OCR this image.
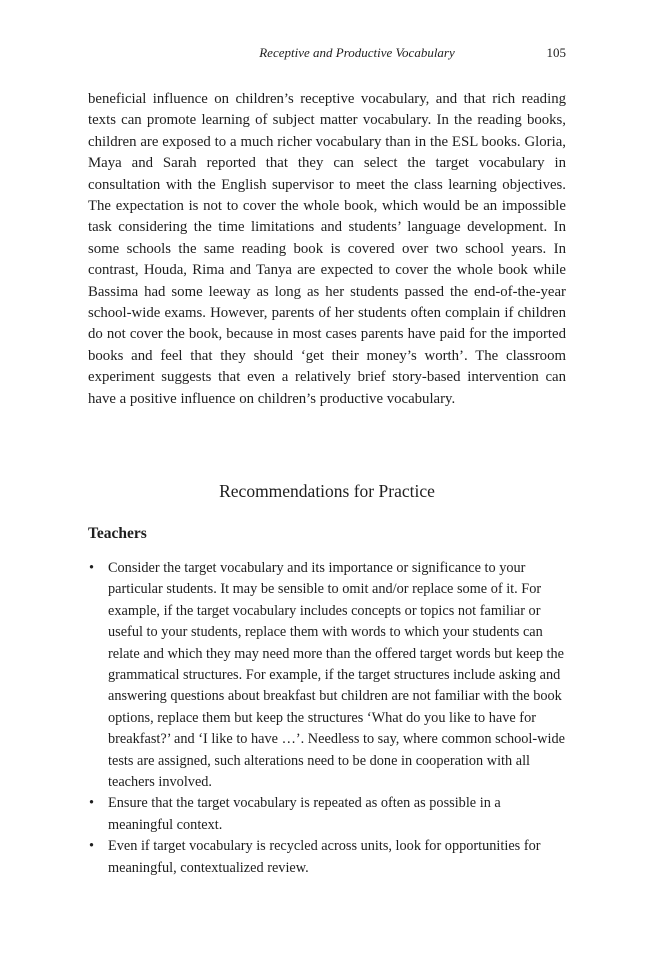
Receptive and Productive Vocabulary	105

beneficial influence on children’s receptive vocabulary, and that rich reading texts can promote learning of subject matter vocabulary. In the reading books, children are exposed to a much richer vocabulary than in the ESL books. Gloria, Maya and Sarah reported that they can select the target vocabulary in consultation with the English supervisor to meet the class learning objectives. The expectation is not to cover the whole book, which would be an impossible task considering the time limitations and students’ language development. In some schools the same reading book is covered over two school years. In contrast, Houda, Rima and Tanya are expected to cover the whole book while Bassima had some leeway as long as her students passed the end-of-the-year school-wide exams. However, parents of her students often complain if children do not cover the book, because in most cases parents have paid for the imported books and feel that they should ‘get their money’s worth’. The classroom experiment suggests that even a relatively brief story-based intervention can have a positive influence on children’s productive vocabulary.

Recommendations for Practice
Teachers
• Consider the target vocabulary and its importance or significance to your particular students. It may be sensible to omit and/or replace some of it. For example, if the target vocabulary includes concepts or topics not familiar or useful to your students, replace them with words to which your students can relate and which they may need more than the offered target words but keep the grammatical structures. For example, if the target structures include asking and answering questions about breakfast but children are not familiar with the book options, replace them but keep the structures ‘What do you like to have for breakfast?’ and ‘I like to have …’. Needless to say, where common school-wide tests are assigned, such alterations need to be done in cooperation with all teachers involved.
• Ensure that the target vocabulary is repeated as often as possible in a meaningful context.
• Even if target vocabulary is recycled across units, look for opportunities for meaningful, contextualized review.
